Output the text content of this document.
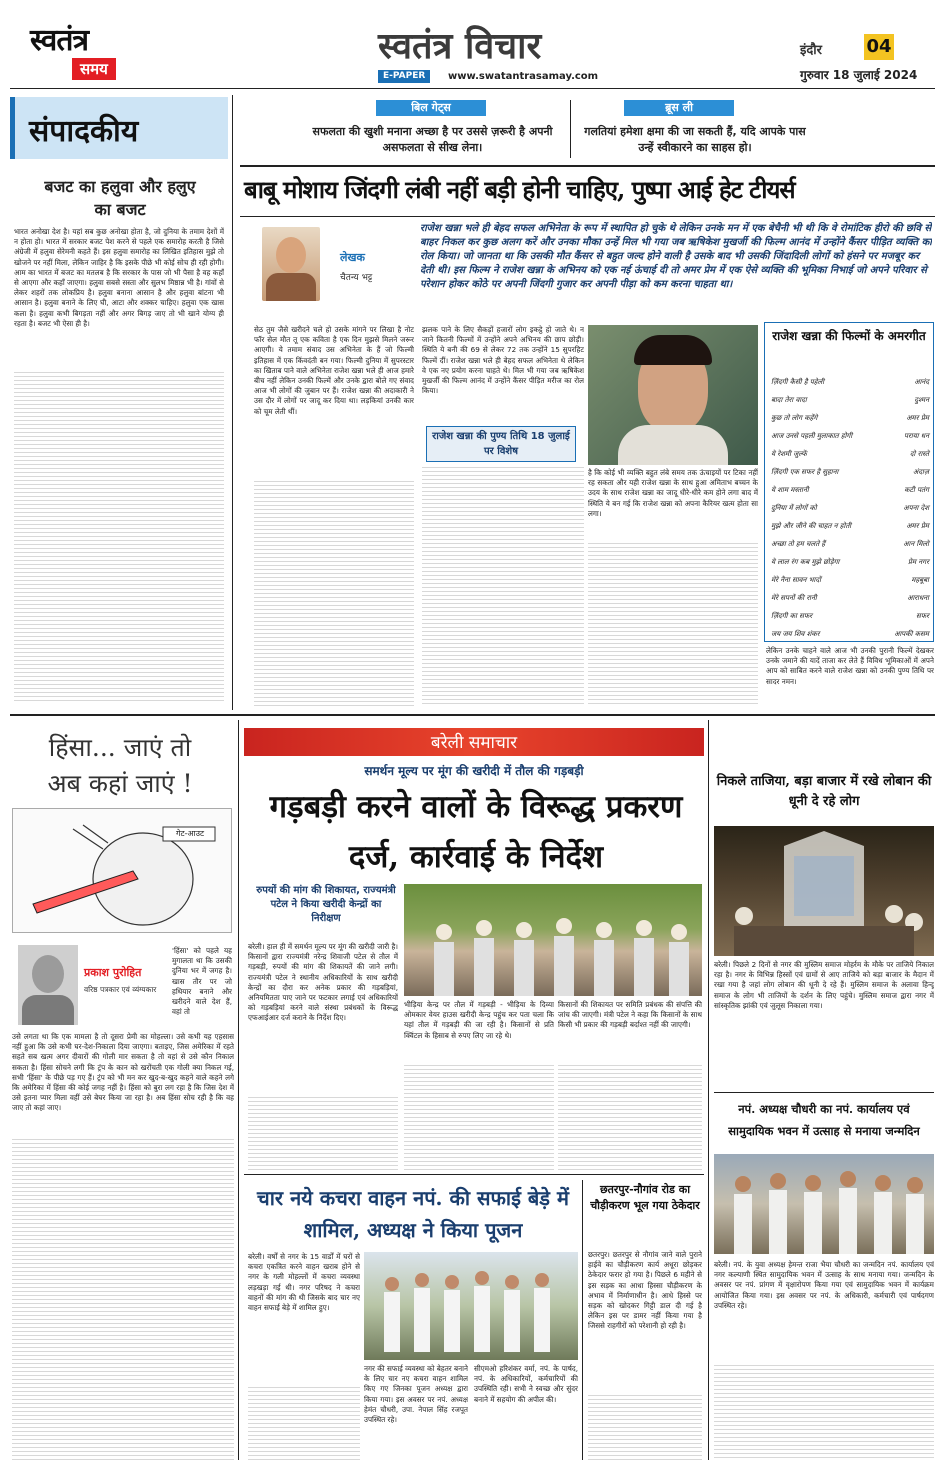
स्वतंत्र
समय
स्वतंत्र विचार
E-PAPER	www.swatantrasamay.com
इंदौर 04
गुरुवार 18 जुलाई 2024
संपादकीय
बजट का हलुवा और हलुए का बजट
भारत अनोखा देश है। यहां सब कुछ अनोखा होता है, जो दुनिया के तमाम देशों में न होता हो। भारत में सरकार बजट पेश करने से पहले एक समारोह करती है जिसे अंग्रेजी में हलुवा सेरेमनी कहते हैं। इस हलुवा समारोह का लिखित इतिहास मुझे तो खोजने पर नहीं मिला, लेकिन जाहिर है कि इसके पीछे भी कोई सोच ही रही होगी। आम का भारत में बजट का मतलब है कि सरकार के पास जो भी पैसा है वह कहाँ से आएगा और कहाँ जाएगा। हलुवा सबसे सस्ता और सुलभ मिष्ठान्न भी है। गांवों से लेकर शहरों तक लोकप्रिय है। हलुवा बनाना आसान है और हलुवा बांटना भी आसान है। हलुवा बनाने के लिए घी, आटा और शक्कर चाहिए। हलुवा एक खास कला है। हलुवा कभी बिगड़ता नहीं और अगर बिगड़ जाए तो भी खाने योग्य ही रहता है। बजट भी ऐसा ही है।
बिल गेट्स
सफलता की खुशी मनाना अच्छा है पर उससे ज़रूरी है अपनी असफलता से सीख लेना।
ब्रूस ली
गलतियां हमेशा क्षमा की जा सकती हैं, यदि आपके पास उन्हें स्वीकारने का साहस हो।
बाबू मोशाय जिंदगी लंबी नहीं बड़ी होनी चाहिए, पुष्पा आई हेट टीयर्स
लेखक
चैतन्य भट्ट
राजेश खन्ना भले ही बेहद सफल अभिनेता के रूप में स्थापित हो चुके थे लेकिन उनके मन में एक बेचैनी भी थी कि वे रोमांटिक हीरो की छवि से बाहर निकल कर कुछ अलग करें और उनका मौका उन्हें मिल भी गया जब ऋषिकेश मुखर्जी की फिल्म आनंद में उन्होंने कैंसर पीड़ित व्यक्ति का रोल किया। जो जानता था कि उसकी मौत कैंसर से बहुत जल्द होने वाली है उसके बाद भी उसकी जिंदादिली लोगों को हंसने पर मजबूर कर देती थी। इस फिल्म ने राजेश खन्ना के अभिनय को एक नई ऊंचाई दी तो अमर प्रेम में एक ऐसे व्यक्ति की भूमिका निभाई जो अपने परिवार से परेशान होकर कोठे पर अपनी जिंदगी गुजार कर अपनी पीड़ा को कम करना चाहता था।
सेठ तुम जैसे खरीदने चले हो उसके मांगने पर लिखा है नोट फॉर सेल मौत तू एक कविता है एक दिन मुझसे मिलने जरूर आएगी। ये तमाम संवाद उस अभिनेता के हैं जो फिल्मी इतिहास में एक किंवदंती बन गया। फिल्मी दुनिया में सुपरस्टार का खिताब पाने वाले अभिनेता राजेश खन्ना भले ही आज हमारे बीच नहीं लेकिन उनकी फिल्में और उनके द्वारा बोले गए संवाद आज भी लोगों की जुबान पर हैं। राजेश खन्ना की अदाकारी ने उस दौर में लोगों पर जादू कर दिया था। लड़कियां उनकी कार को चूम लेती थीं।
झलक पाने के लिए सैकड़ों हजारों लोग इकट्ठे हो जाते थे। न जाने कितनी फिल्मों में उन्होंने अपने अभिनय की छाप छोड़ी। स्थिति ये बनी की 69 से लेकर 72 तक उन्होंने 15 सुपरहिट फिल्में दीं। राजेश खन्ना भले ही बेहद सफल अभिनेता थे लेकिन वे एक नए प्रयोग करना चाहते थे। मिल भी गया जब ऋषिकेश मुखर्जी की फिल्म आनंद में उन्होंने कैंसर पीड़ित मरीज का रोल किया।
राजेश खन्ना की पुण्य तिथि 18 जुलाई पर विशेष
है कि कोई भी व्यक्ति बहुत लंबे समय तक ऊंचाइयों पर टिका नहीं रह सकता और यही राजेश खन्ना के साथ हुआ अमिताभ बच्चन के उदय के साथ राजेश खन्ना का जादू धीरे-धीरे कम होने लगा बाद में स्थिति ये बन गई कि राजेश खन्ना को अपना कैरियर खत्म होता सा लगा।
राजेश खन्ना की फिल्मों के अमरगीत
ज़िंदगी कैसी है पहेली	आनंद
बादा तेरा वादा	दुश्मन
कुछ तो लोग कहेंगे	अमर प्रेम
आज उनसे पहली मुलाकात होगी	पराया धन
ये रेशमी जुल्फें	दो रास्ते
ज़िंदगी एक सफर है सुहाना	अंदाज़
ये शाम मस्तानी	कटी पतंग
दुनिया में लोगों को	अपना देश
मुझे और जीने की चाहत न होती	अमर प्रेम
अच्छा तो हम चलते हैं	आन मिलो
ये लाल रंग कब मुझे छोड़ेगा	प्रेम नगर
मेरे नैना सावन भादों	महबूबा
मेरे सपनों की रानी	आराधना
ज़िंदगी का सफर	सफर
जय जय शिव शंकर	आपकी कसम
लेकिन उनके चाहने वाले आज भी उनकी पुरानी फिल्में देखकर उनके जमाने की यादें ताजा कर लेते हैं विविध भूमिकाओं में अपने आप को साबित करने वाले राजेश खन्ना को उनकी पुण्य तिथि पर सादर नमन।
हिंसा... जाएं तो अब कहां जाएं !
गेट-आउट
प्रकाश पुरोहित
वरिष्ठ पत्रकार एवं व्यंग्यकार
'हिंसा' को पहले यह मुगालता था कि उसकी दुनिया भर में जगह है। खास तौर पर जो हथियार बनाने और खरीदने वाले देश हैं, वहां तो
उसे लगता था कि एक मामला है तो दूसरा प्रेमी का मोहल्ला। उसे कभी यह एहसास नहीं हुआ कि उसे कभी घर-देश-निकाला दिया जाएगा। बताइए, जिस अमेरिका में रहते सहते सब खत्म अगर दीवारों की गोली मार सकता है तो वहां से उसे कौन निकाल सकता है। हिंसा सोचने लगी कि ट्रंप के कान को खरोंचती एक गोली क्या निकल गई, सभी 'हिंसा' के पीछे पड़ गए हैं। ट्रंप को भी मन कर खुद-ब-खुद कहने वाले कहने लगे कि अमेरिका में हिंसा की कोई जगह नहीं है। हिंसा को बुरा लग रहा है कि जिस देश में उसे इतना प्यार मिला वहीं उसे बेघर किया जा रहा है। अब हिंसा सोच रही है कि वह जाए तो कहां जाए।
बरेली समाचार
समर्थन मूल्य पर मूंग की खरीदी में तौल की गड़बड़ी
गड़बड़ी करने वालों के विरूद्ध प्रकरण दर्ज, कार्रवाई के निर्देश
रुपयों की मांग की शिकायत, राज्यमंत्री पटेल ने किया खरीदी केन्द्रों का निरीक्षण
बरेली। हाल ही में समर्थन मूल्य पर मूंग की खरीदी जारी है। किसानों द्वारा राज्यमंत्री नरेन्द्र शिवाजी पटेल से तौल में गड़बड़ी, रुपयों की मांग की शिकायतें की जाने लगी। राज्यमंत्री पटेल ने स्थानीय अधिकारियों के साथ खरीदी केन्द्रों का दौरा कर अनेक प्रकार की गड़बड़ियां, अनियमितता पाए जाने पर फटकार लगाई एवं अधिकारियों को गड़बड़ियां करने वाले संस्था प्रबंधकों के विरूद्ध एफआईआर दर्ज कराने के निर्देश दिए।
भीड़िया केन्द्र पर तौल में गड़बड़ी - भीड़िया के दिव्या ओमकार वेयर हाउस खरीदी केन्द्र पहुंच कर पता चला कि यहां तौल में गड़बड़ी की जा रही है। किसानों से प्रति क्विंटल के हिसाब से रुपए लिए जा रहे थे।
किसानों की शिकायत पर समिति प्रबंधक की संपत्ति की जांच की जाएगी। मंत्री पटेल ने कहा कि किसानों के साथ किसी भी प्रकार की गड़बड़ी बर्दाश्त नहीं की जाएगी।
चार नये कचरा वाहन नपं. की सफाई बेड़े में शामिल, अध्यक्ष ने किया पूजन
बरेली। वर्षों से नगर के 15 वार्डों में घरों से कचरा एकत्रित करने वाहन खराब होने से नगर के गली मोहल्लों में कचरा व्यवस्था लड़खड़ा गई थी। नगर परिषद ने कचरा वाहनों की मांग की थी जिसके बाद चार नए वाहन सफाई बेड़े में शामिल हुए।
नगर की सफाई व्यवस्था को बेहतर बनाने के लिए चार नए कचरा वाहन शामिल किए गए जिनका पूजन अध्यक्ष द्वारा किया गया। इस अवसर पर नपं. अध्यक्ष हेमंत चौधरी, उपा. नेपाल सिंह रजपूत उपस्थित रहे।
सीएमओ हरिशंकर वर्मा, नपं. के पार्षद, नपं. के अधिकारियों, कर्मचारियों की उपस्थिति रही। सभी ने स्वच्छ और सुंदर बनाने में सहयोग की अपील की।
छतरपुर-नौगांव रोड का चौड़ीकरण भूल गया ठेकेदार
छतरपुर। छतरपुर से नौगांव जाने वाले पुराने हाईवे का चौड़ीकरण कार्य अधूरा छोड़कर ठेकेदार फरार हो गया है। पिछले 6 महीने से इस सड़क का आधा हिस्सा चौड़ीकरण के अभाव में निर्माणाधीन है। आधे हिस्से पर सड़क को खोदकर गिट्टी डाल दी गई है लेकिन इस पर डामर नहीं किया गया है जिससे राहगीरों को परेशानी हो रही है।
निकले ताजिया, बड़ा बाजार में रखे लोबान की धूनी दे रहे लोग
बरेली। पिछले 2 दिनों से नगर की मुस्लिम समाज मोहर्रम के मौके पर ताजिये निकाल रहा है। नगर के विभिन्न हिस्सों एवं ग्रामों से आए ताजिये को बड़ा बाजार के मैदान में रखा गया है जहां लोग लोबान की धूनी दे रहे हैं। मुस्लिम समाज के अलावा हिन्दू समाज के लोग भी ताजियों के दर्शन के लिए पहुंचे। मुस्लिम समाज द्वारा नगर में सांस्कृतिक झांकी एवं जुलूस निकाला गया।
नपं. अध्यक्ष चौधरी का नपं. कार्यालय एवं सामुदायिक भवन में उत्साह से मनाया जन्मदिन
बरेली। नपं. के युवा अध्यक्ष हेमन्त राजा भैया चौधरी का जन्मदिन नपं. कार्यालय एवं नगर कल्याणी स्थित सामुदायिक भवन में उत्साह के साथ मनाया गया। जन्मदिन के अवसर पर नपं. प्रांगण में वृक्षारोपण किया गया एवं सामुदायिक भवन में कार्यक्रम आयोजित किया गया। इस अवसर पर नपं. के अधिकारी, कर्मचारी एवं पार्षदगण उपस्थित रहे।
